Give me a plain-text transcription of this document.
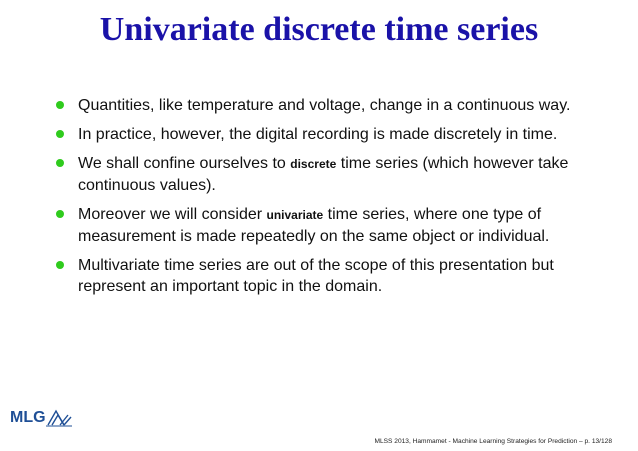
Univariate discrete time series
Quantities, like temperature and voltage, change in a continuous way.
In practice, however, the digital recording is made discretely in time.
We shall confine ourselves to discrete time series (which however take continuous values).
Moreover we will consider univariate time series, where one type of measurement is made repeatedly on the same object or individual.
Multivariate time series are out of the scope of this presentation but represent an important topic in the domain.
MLG
MLSS 2013, Hammamet - Machine Learning Strategies for Prediction – p. 13/128
